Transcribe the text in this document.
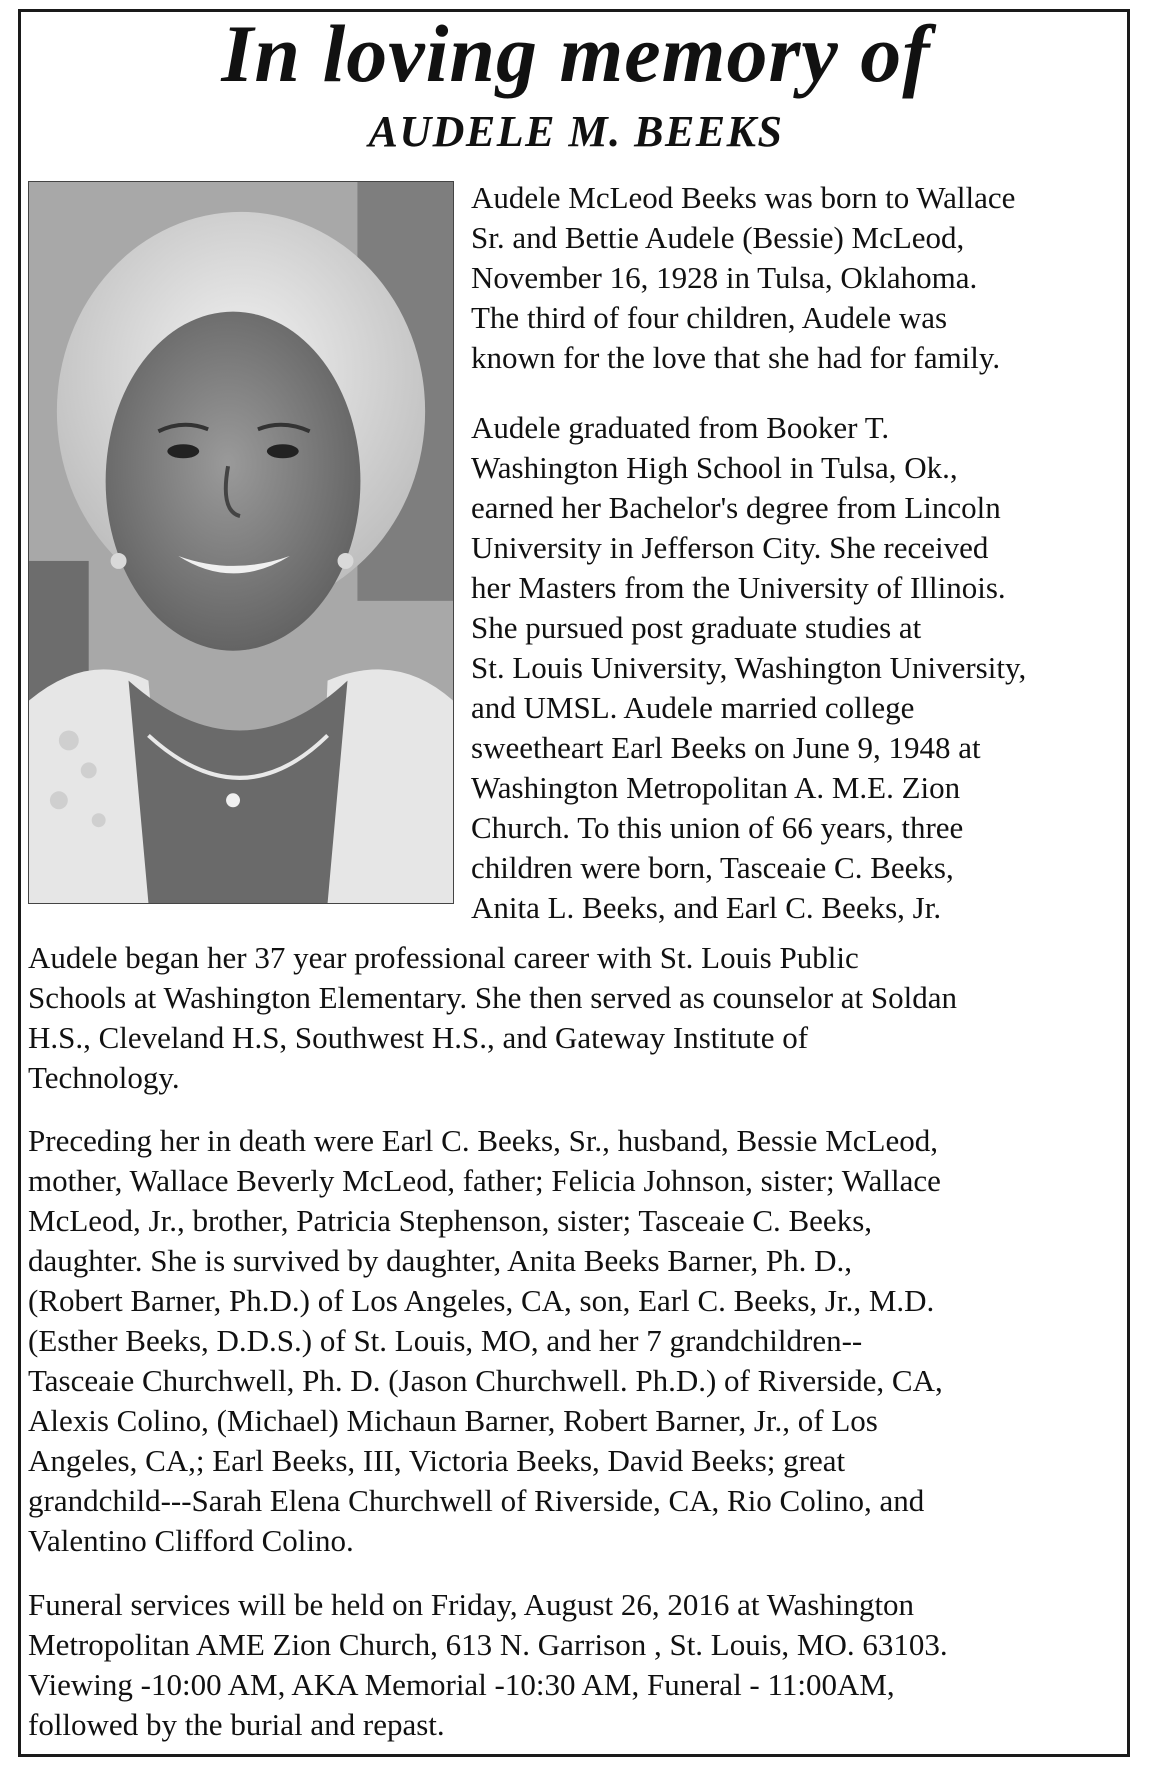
In loving memory of
AUDELE M. BEEKS

Audele McLeod Beeks was born to Wallace
Sr. and Bettie Audele (Bessie) McLeod,
November 16, 1928 in Tulsa, Oklahoma.
The third of four children, Audele was
known for the love that she had for family.

Audele graduated from Booker T.
Washington High School in Tulsa, Ok.,
earned her Bachelor's degree from Lincoln
University in Jefferson City. She received
her Masters from the University of Illinois.
She pursued post graduate studies at
St. Louis University, Washington University,
and UMSL. Audele married college
sweetheart Earl Beeks on June 9, 1948 at
Washington Metropolitan A. M.E. Zion
Church. To this union of 66 years, three
children were born, Tasceaie C. Beeks,
Anita L. Beeks, and Earl C. Beeks, Jr.

Audele began her 37 year professional career with St. Louis Public
Schools at Washington Elementary. She then served as counselor at Soldan
H.S., Cleveland H.S, Southwest H.S., and Gateway Institute of
Technology.

Preceding her in death were Earl C. Beeks, Sr., husband, Bessie McLeod,
mother, Wallace Beverly McLeod, father; Felicia Johnson, sister; Wallace
McLeod, Jr., brother, Patricia Stephenson, sister; Tasceaie C. Beeks,
daughter. She is survived by daughter, Anita Beeks Barner, Ph. D.,
(Robert Barner, Ph.D.) of Los Angeles, CA, son, Earl C. Beeks, Jr., M.D.
(Esther Beeks, D.D.S.) of St. Louis, MO, and her 7 grandchildren--
Tasceaie Churchwell, Ph. D. (Jason Churchwell. Ph.D.) of Riverside, CA,
Alexis Colino, (Michael) Michaun Barner, Robert Barner, Jr., of Los
Angeles, CA,; Earl Beeks, III, Victoria Beeks, David Beeks; great
grandchild---Sarah Elena Churchwell of Riverside, CA, Rio Colino, and
Valentino Clifford Colino.

Funeral services will be held on Friday, August 26, 2016 at Washington
Metropolitan AME Zion Church, 613 N. Garrison , St. Louis, MO. 63103.
Viewing -10:00 AM, AKA Memorial -10:30 AM, Funeral - 11:00AM,
followed by the burial and repast.
